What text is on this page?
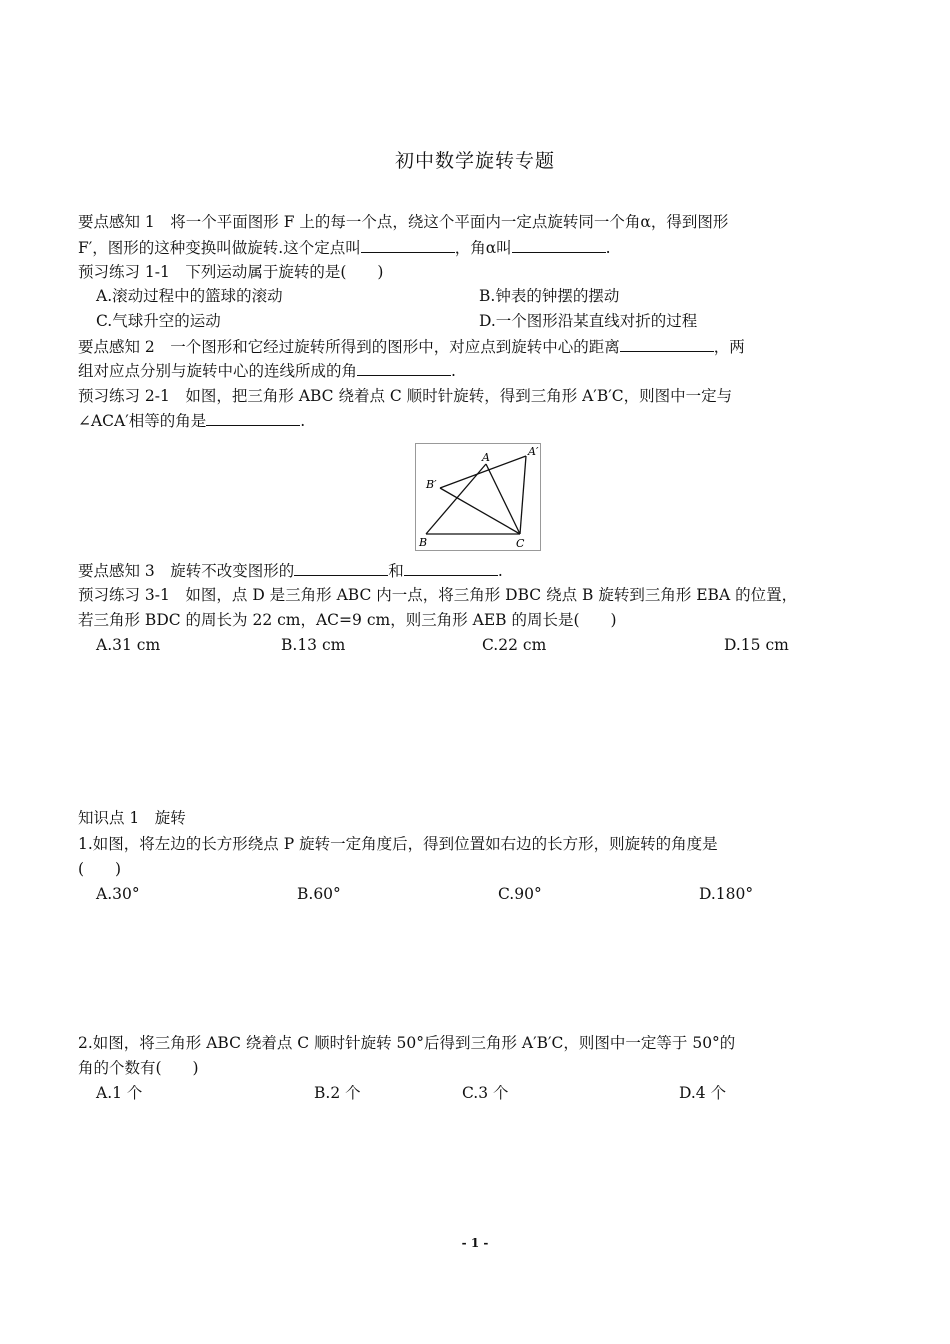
初中数学旋转专题
要点感知 1　将一个平面图形 F 上的每一个点，绕这个平面内一定点旋转同一个角α，得到图形
F′，图形的这种变换叫做旋转.这个定点叫	，角α叫	.
预习练习 1-1　下列运动属于旋转的是(　　)
A.滚动过程中的篮球的滚动	B.钟表的钟摆的摆动
C.气球升空的运动	D.一个图形沿某直线对折的过程
要点感知 2　一个图形和它经过旋转所得到的图形中，对应点到旋转中心的距离	，两
组对应点分别与旋转中心的连线所成的角	.
预习练习 2-1　如图，把三角形 ABC 绕着点 C 顺时针旋转，得到三角形 A′B′C，则图中一定与
∠ACA′相等的角是	.
A	A′
B′
B	C
要点感知 3　旋转不改变图形的	和	.
预习练习 3-1　如图，点 D 是三角形 ABC 内一点，将三角形 DBC 绕点 B 旋转到三角形 EBA 的位置，
若三角形 BDC 的周长为 22 cm，AC=9 cm，则三角形 AEB 的周长是(　　)
A.31 cm	B.13 cm	C.22 cm	D.15 cm
知识点 1　旋转
1.如图，将左边的长方形绕点 P 旋转一定角度后，得到位置如右边的长方形，则旋转的角度是
(　　)
A.30°	B.60°	C.90°	D.180°
2.如图，将三角形 ABC 绕着点 C 顺时针旋转 50°后得到三角形 A′B′C，则图中一定等于 50°的
角的个数有(　　)
A.1 个	B.2 个	C.3 个	D.4 个
- 1 -
